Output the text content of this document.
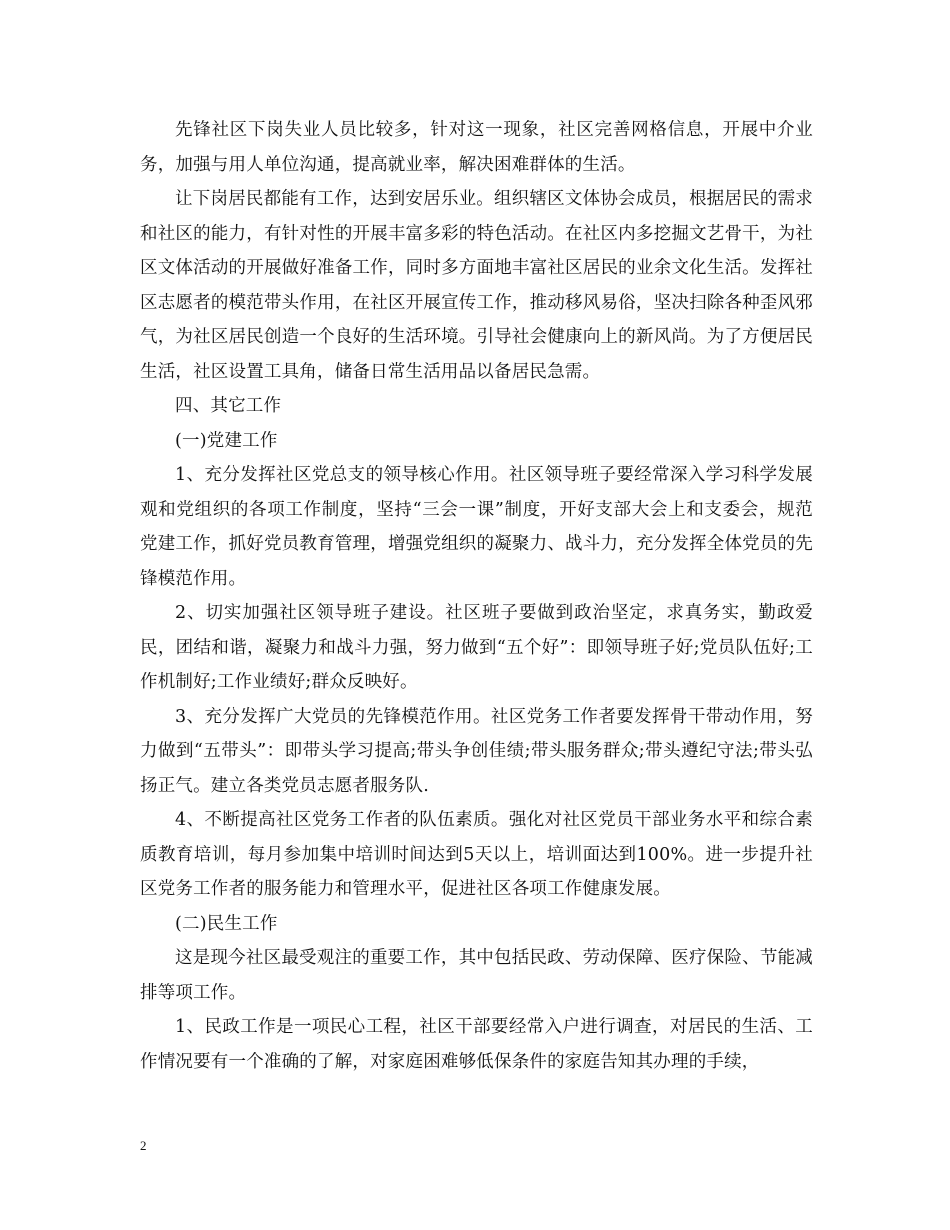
先锋社区下岗失业人员比较多，针对这一现象，社区完善网格信息，开展中介业务，加强与用人单位沟通，提高就业率，解决困难群体的生活。

让下岗居民都能有工作，达到安居乐业。组织辖区文体协会成员，根据居民的需求和社区的能力，有针对性的开展丰富多彩的特色活动。在社区内多挖掘文艺骨干，为社区文体活动的开展做好准备工作，同时多方面地丰富社区居民的业余文化生活。发挥社区志愿者的模范带头作用，在社区开展宣传工作，推动移风易俗，坚决扫除各种歪风邪气，为社区居民创造一个良好的生活环境。引导社会健康向上的新风尚。为了方便居民生活，社区设置工具角，储备日常生活用品以备居民急需。

四、其它工作

(一)党建工作

1、充分发挥社区党总支的领导核心作用。社区领导班子要经常深入学习科学发展观和党组织的各项工作制度，坚持“三会一课”制度，开好支部大会上和支委会，规范党建工作，抓好党员教育管理，增强党组织的凝聚力、战斗力，充分发挥全体党员的先锋模范作用。

2、切实加强社区领导班子建设。社区班子要做到政治坚定，求真务实，勤政爱民，团结和谐，凝聚力和战斗力强，努力做到“五个好”：即领导班子好;党员队伍好;工作机制好;工作业绩好;群众反映好。

3、充分发挥广大党员的先锋模范作用。社区党务工作者要发挥骨干带动作用，努力做到“五带头”：即带头学习提高;带头争创佳绩;带头服务群众;带头遵纪守法;带头弘扬正气。建立各类党员志愿者服务队.

4、不断提高社区党务工作者的队伍素质。强化对社区党员干部业务水平和综合素质教育培训，每月参加集中培训时间达到5天以上，培训面达到100%。进一步提升社区党务工作者的服务能力和管理水平，促进社区各项工作健康发展。

(二)民生工作

这是现今社区最受观注的重要工作，其中包括民政、劳动保障、医疗保险、节能减排等项工作。

1、民政工作是一项民心工程，社区干部要经常入户进行调查，对居民的生活、工作情况要有一个准确的了解，对家庭困难够低保条件的家庭告知其办理的手续，

2
